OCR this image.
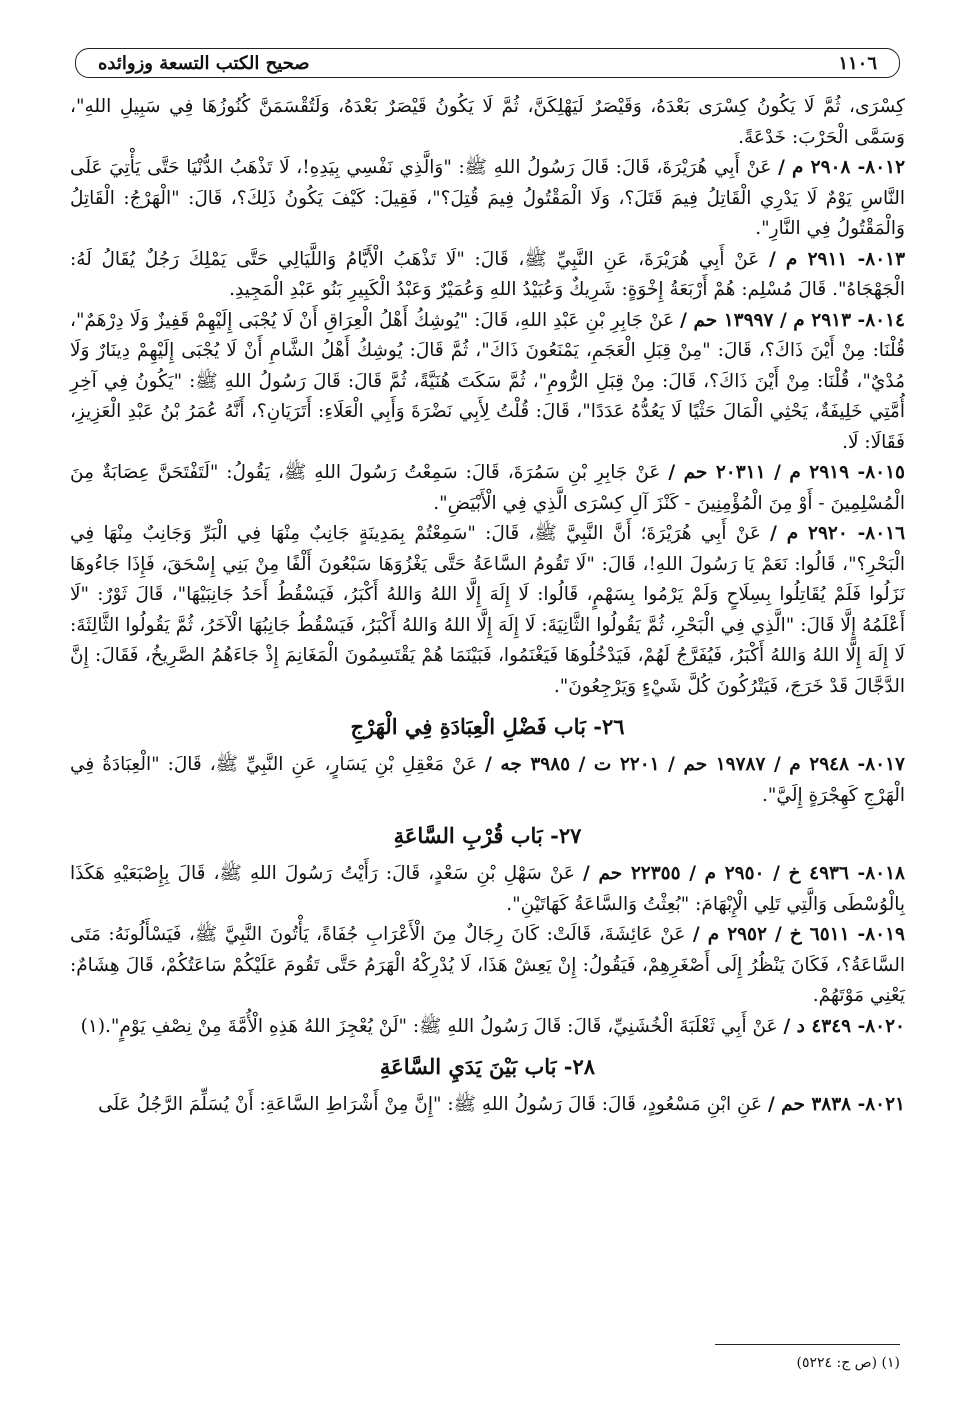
١١٠٦
صحيح الكتب التسعة وزوائده

كِسْرَى، ثُمَّ لَا يَكُونُ كِسْرَى بَعْدَهُ، وَقَيْصَرٌ لَيَهْلِكَنَّ، ثُمَّ لَا يَكُونُ قَيْصَرٌ بَعْدَهُ، وَلَتُقْسَمَنَّ كُنُوزُهَا فِي سَبِيلِ اللهِ"، وَسَمَّى الْحَرْبَ: خَدْعَةً.

٨٠١٢- ٢٩٠٨ م / عَنْ أَبِي هُرَيْرَةَ، قَالَ: قَالَ رَسُولُ اللهِ ﷺ: "وَالَّذِي نَفْسِي بِيَدِهِ!، لَا تَذْهَبُ الدُّنْيَا حَتَّى يَأْتِيَ عَلَى النَّاسِ يَوْمٌ لَا يَدْرِي الْقَاتِلُ فِيمَ قَتَلَ؟، وَلَا الْمَقْتُولُ فِيمَ قُتِلَ؟"، فَقِيلَ: كَيْفَ يَكُونُ ذَلِكَ؟، قَالَ: "الْهَرْجُ: الْقَاتِلُ وَالْمَقْتُولُ فِي النَّارِ".

٨٠١٣- ٢٩١١ م / عَنْ أَبِي هُرَيْرَةَ، عَنِ النَّبِيِّ ﷺ، قَالَ: "لَا تَذْهَبُ الْأَيَّامُ وَاللَّيَالِي حَتَّى يَمْلِكَ رَجُلٌ يُقَالُ لَهُ: الْجَهْجَاهُ". قَالَ مُسْلِم: هُمْ أَرْبَعَةُ إِخْوَةٍ: شَرِيكٌ وَعُبَيْدُ اللهِ وَعُمَيْرٌ وَعَبْدُ الْكَبِيرِ بَنُو عَبْدِ الْمَجِيدِ.

٨٠١٤- ٢٩١٣ م / ١٣٩٩٧ حم / عَنْ جَابِرِ بْنِ عَبْدِ اللهِ، قَالَ: "يُوشِكُ أَهْلُ الْعِرَاقِ أَنْ لَا يُجْبَى إِلَيْهِمْ قَفِيزٌ وَلَا دِرْهَمٌ"، قُلْنَا: مِنْ أَيْنَ ذَاكَ؟، قَالَ: "مِنْ قِبَلِ الْعَجَمِ، يَمْنَعُونَ ذَاكَ"، ثُمَّ قَالَ: يُوشِكُ أَهْلُ الشَّامِ أَنْ لَا يُجْبَى إِلَيْهِمْ دِينَارٌ وَلَا مُدْيٌ"، قُلْنَا: مِنْ أَيْنَ ذَاكَ؟، قَالَ: مِنْ قِبَلِ الرُّومِ"، ثُمَّ سَكَتَ هُنَيَّةً، ثُمَّ قَالَ: قَالَ رَسُولُ اللهِ ﷺ: "يَكُونُ فِي آخِرِ أُمَّتِي خَلِيفَةٌ، يَحْثِي الْمَالَ حَثْيًا لَا يَعُدُّهُ عَدَدًا"، قَالَ: قُلْتُ لِأَبِي نَضْرَةَ وَأَبِي الْعَلَاءِ: أَتَرَيَانِ؟، أَنَّهُ عُمَرُ بْنُ عَبْدِ الْعَزِيزِ، فَقَالَا: لَا.

٨٠١٥- ٢٩١٩ م / ٢٠٣١١ حم / عَنْ جَابِرِ بْنِ سَمُرَةَ، قَالَ: سَمِعْتُ رَسُولَ اللهِ ﷺ، يَقُولُ: "لَتَفْتَحَنَّ عِصَابَةٌ مِنَ الْمُسْلِمِينَ - أَوْ مِنَ الْمُؤْمِنِينَ - كَنْزَ آلِ كِسْرَى الَّذِي فِي الْأَبْيَضِ".

٨٠١٦- ٢٩٢٠ م / عَنْ أَبِي هُرَيْرَةَ؛ أَنَّ النَّبِيَّ ﷺ، قَالَ: "سَمِعْتُمْ بِمَدِينَةٍ جَانِبٌ مِنْهَا فِي الْبَرِّ وَجَانِبٌ مِنْهَا فِي الْبَحْرِ؟"، قَالُوا: نَعَمْ يَا رَسُولَ اللهِ!، قَالَ: "لَا تَقُومُ السَّاعَةُ حَتَّى يَغْزُوَهَا سَبْعُونَ أَلْفًا مِنْ بَنِي إِسْحَقَ، فَإِذَا جَاءُوهَا نَزَلُوا فَلَمْ يُقَاتِلُوا بِسِلَاحٍ وَلَمْ يَرْمُوا بِسَهْمٍ، قَالُوا: لَا إِلَهَ إِلَّا اللهُ وَاللهُ أَكْبَرُ، فَيَسْقُطُ أَحَدُ جَانِبَيْهَا"، قَالَ ثَوْرٌ: "لَا أَعْلَمُهُ إِلَّا قَالَ: "الَّذِي فِي الْبَحْرِ، ثُمَّ يَقُولُوا الثَّانِيَةَ: لَا إِلَهَ إِلَّا اللهُ وَاللهُ أَكْبَرُ، فَيَسْقُطُ جَانِبُهَا الْآخَرُ، ثُمَّ يَقُولُوا الثَّالِثَةَ: لَا إِلَهَ إِلَّا اللهُ وَاللهُ أَكْبَرُ، فَيُفَرَّجُ لَهُمْ، فَيَدْخُلُوهَا فَيَغْنَمُوا، فَبَيْنَمَا هُمْ يَقْتَسِمُونَ الْمَغَانِمَ إِذْ جَاءَهُمُ الصَّرِيخُ، فَقَالَ: إِنَّ الدَّجَّالَ قَدْ خَرَجَ، فَيَتْرُكُونَ كُلَّ شَيْءٍ وَيَرْجِعُونَ".

٢٦- بَاب فَضْلِ الْعِبَادَةِ فِي الْهَرْجِ

٨٠١٧- ٢٩٤٨ م / ١٩٧٨٧ حم / ٢٢٠١ ت / ٣٩٨٥ جه / عَنْ مَعْقِلِ بْنِ يَسَارٍ، عَنِ النَّبِيِّ ﷺ، قَالَ: "الْعِبَادَةُ فِي الْهَرْجِ كَهِجْرَةٍ إِلَيَّ".

٢٧- بَاب قُرْبِ السَّاعَةِ

٨٠١٨- ٤٩٣٦ خ / ٢٩٥٠ م / ٢٢٣٥٥ حم / عَنْ سَهْلِ بْنِ سَعْدٍ، قَالَ: رَأَيْتُ رَسُولَ اللهِ ﷺ، قَالَ بِإِصْبَعَيْهِ هَكَذَا بِالْوُسْطَى وَالَّتِي تَلِي الْإِبْهَامَ: "بُعِثْتُ وَالسَّاعَةُ كَهَاتَيْنِ".

٨٠١٩- ٦٥١١ خ / ٢٩٥٢ م / عَنْ عَائِشَةَ، قَالَتْ: كَانَ رِجَالٌ مِنَ الْأَعْرَابِ جُفَاةً، يَأْتُونَ النَّبِيَّ ﷺ، فَيَسْأَلُونَهُ: مَتَى السَّاعَةُ؟، فَكَانَ يَنْظُرُ إِلَى أَصْغَرِهِمْ، فَيَقُولُ: إِنْ يَعِشْ هَذَا، لَا يُدْرِكْهُ الْهَرَمُ حَتَّى تَقُومَ عَلَيْكُمْ سَاعَتُكُمْ، قَالَ هِشَامٌ: يَعْنِي مَوْتَهُمْ.

٨٠٢٠- ٤٣٤٩ د / عَنْ أَبِي ثَعْلَبَةَ الْخُشَنِيِّ، قَالَ: قَالَ رَسُولُ اللهِ ﷺ: "لَنْ يُعْجِزَ اللهُ هَذِهِ الْأُمَّةَ مِنْ نِصْفِ يَوْمٍ".(١)

٢٨- بَاب بَيْنَ يَدَيِ السَّاعَةِ

٨٠٢١- ٣٨٣٨ حم / عَنِ ابْنِ مَسْعُودٍ، قَالَ: قَالَ رَسُولُ اللهِ ﷺ: "إِنَّ مِنْ أَشْرَاطِ السَّاعَةِ: أَنْ يُسَلِّمَ الرَّجُلُ عَلَى

(١) (ص ج: ٥٢٢٤)
